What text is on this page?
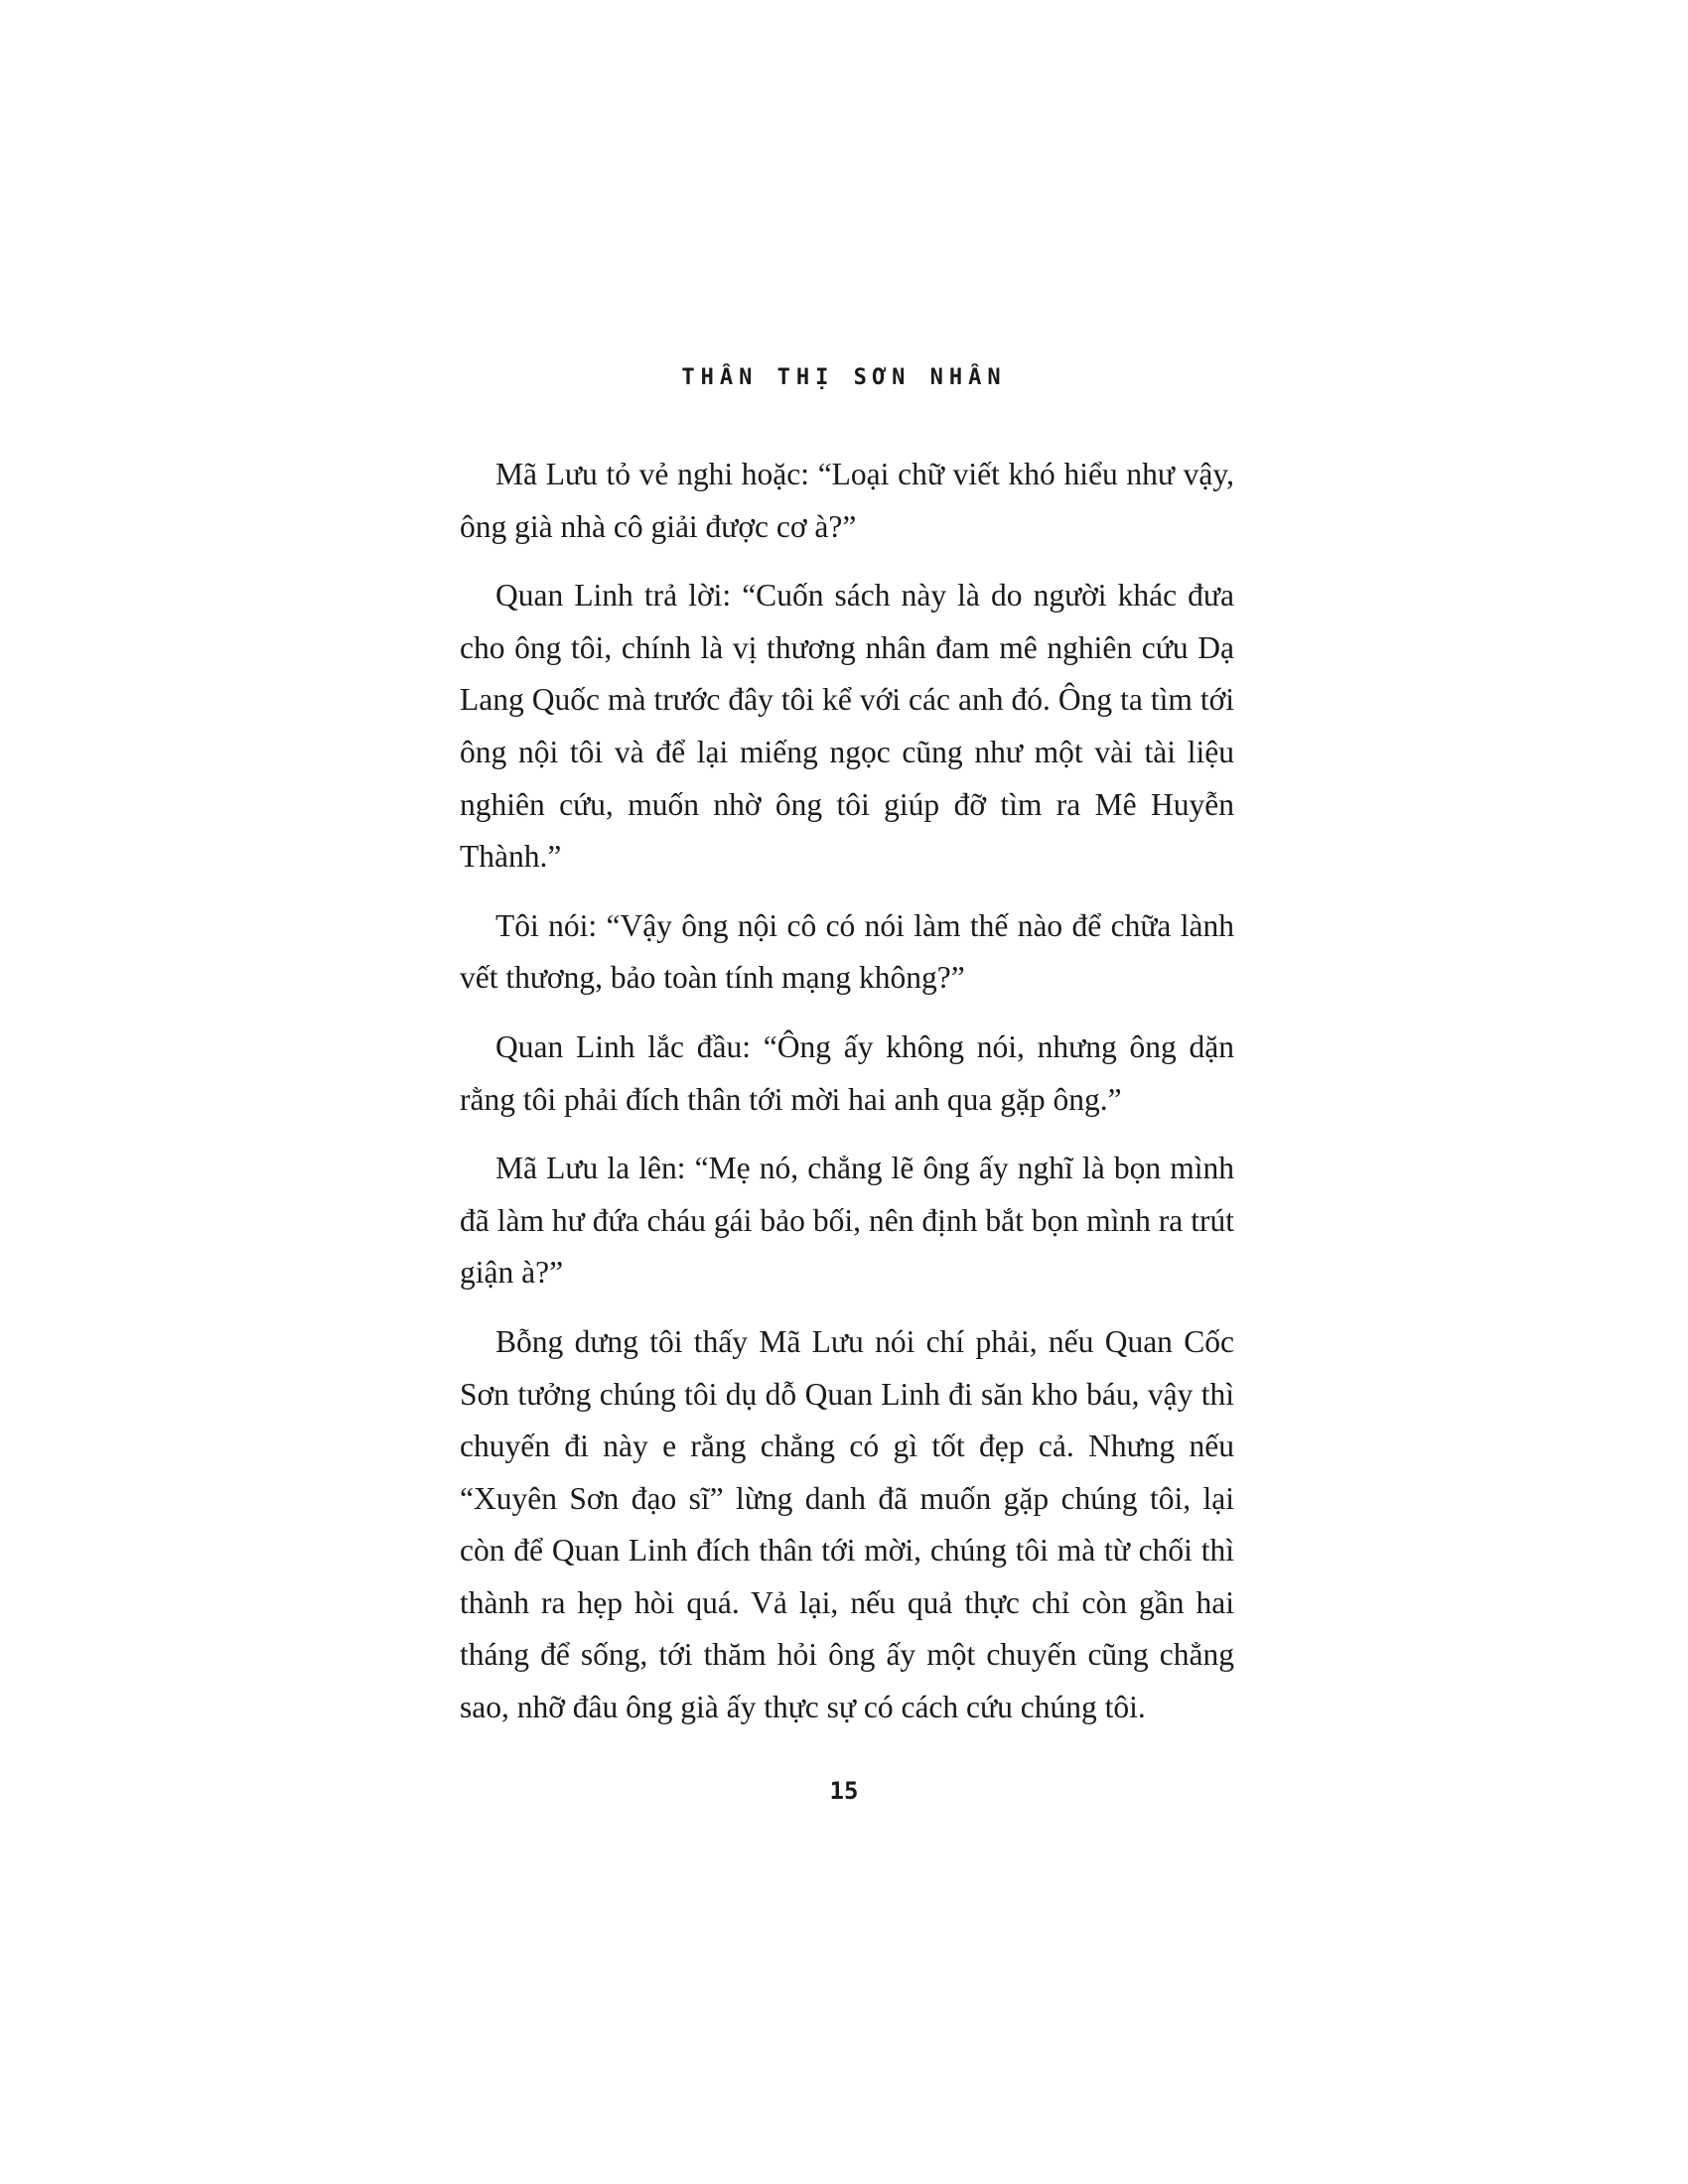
THÂN THỊ SƠN NHÂN

Mã Lưu tỏ vẻ nghi hoặc: “Loại chữ viết khó hiểu như vậy, ông già nhà cô giải được cơ à?”

Quan Linh trả lời: “Cuốn sách này là do người khác đưa cho ông tôi, chính là vị thương nhân đam mê nghiên cứu Dạ Lang Quốc mà trước đây tôi kể với các anh đó. Ông ta tìm tới ông nội tôi và để lại miếng ngọc cũng như một vài tài liệu nghiên cứu, muốn nhờ ông tôi giúp đỡ tìm ra Mê Huyễn Thành.”

Tôi nói: “Vậy ông nội cô có nói làm thế nào để chữa lành vết thương, bảo toàn tính mạng không?”

Quan Linh lắc đầu: “Ông ấy không nói, nhưng ông dặn rằng tôi phải đích thân tới mời hai anh qua gặp ông.”

Mã Lưu la lên: “Mẹ nó, chẳng lẽ ông ấy nghĩ là bọn mình đã làm hư đứa cháu gái bảo bối, nên định bắt bọn mình ra trút giận à?”

Bỗng dưng tôi thấy Mã Lưu nói chí phải, nếu Quan Cốc Sơn tưởng chúng tôi dụ dỗ Quan Linh đi săn kho báu, vậy thì chuyến đi này e rằng chẳng có gì tốt đẹp cả. Nhưng nếu “Xuyên Sơn đạo sĩ” lừng danh đã muốn gặp chúng tôi, lại còn để Quan Linh đích thân tới mời, chúng tôi mà từ chối thì thành ra hẹp hòi quá. Vả lại, nếu quả thực chỉ còn gần hai tháng để sống, tới thăm hỏi ông ấy một chuyến cũng chẳng sao, nhỡ đâu ông già ấy thực sự có cách cứu chúng tôi.

15
